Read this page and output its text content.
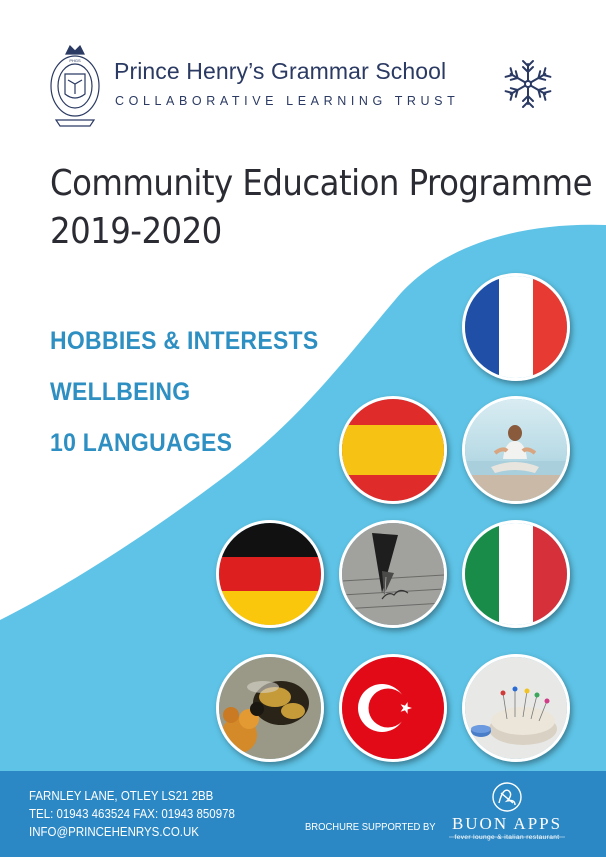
PHGS Prince Henry’s Grammar School
COLLABORATIVE LEARNING TRUST
Community Education Programme
2019-2020
HOBBIES & INTERESTS
WELLBEING
10 LANGUAGES
FARNLEY LANE, OTLEY LS21 2BB
TEL: 01943 463524 FAX: 01943 850978
INFO@PRINCEHENRYS.CO.UK	BROCHURE SUPPORTED BY BUON APPS
fever lounge & italian restaurant
